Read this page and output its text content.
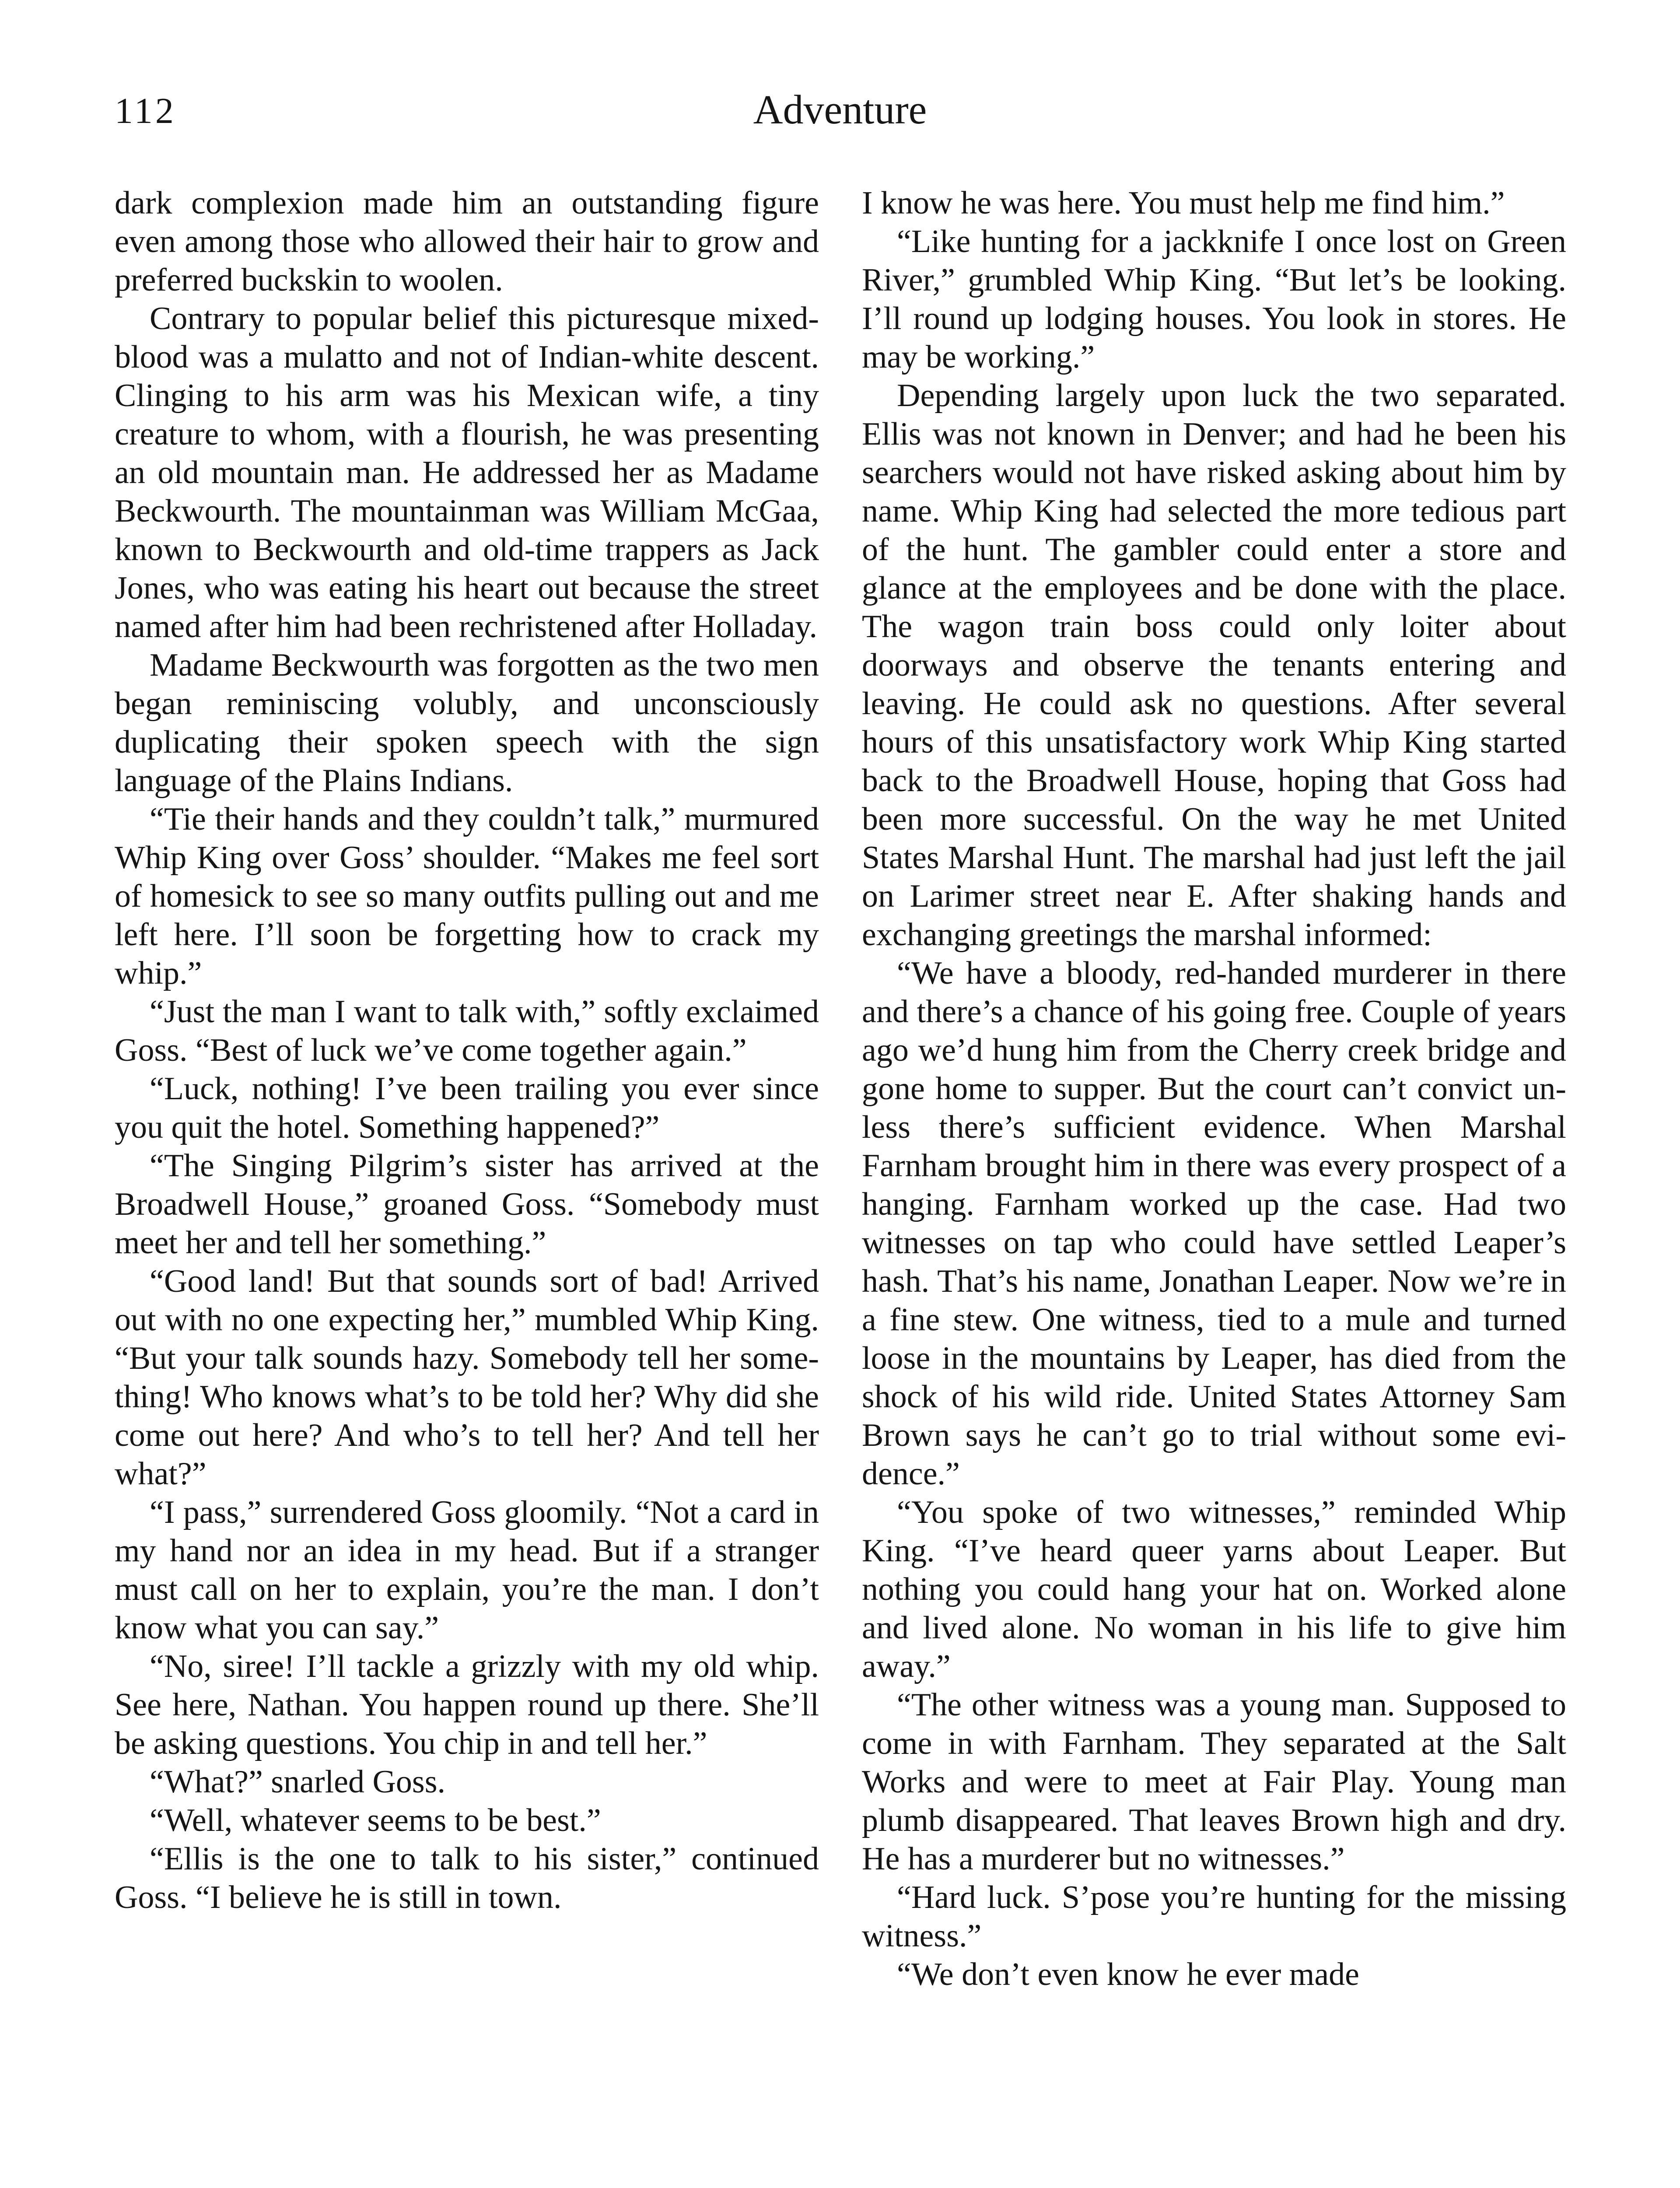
112	Adventure

dark complexion made him an outstanding figure even among those who allowed their hair to grow and preferred buckskin to woolen.

Contrary to popular belief this picturesque mixed-blood was a mulatto and not of Indian-white descent. Clinging to his arm was his Mexican wife, a tiny creature to whom, with a flourish, he was presenting an old mountain man. He addressed her as Madame Beckwourth. The mountainman was William McGaa, known to Beckwourth and old-time trappers as Jack Jones, who was eating his heart out because the street named after him had been rechristened after Holladay.

Madame Beckwourth was forgotten as the two men began reminiscing volubly, and unconsciously duplicating their spoken speech with the sign language of the Plains Indians.

“Tie their hands and they couldn’t talk,” murmured Whip King over Goss’ shoulder. “Makes me feel sort of homesick to see so many outfits pulling out and me left here. I’ll soon be forgetting how to crack my whip.”

“Just the man I want to talk with,” softly exclaimed Goss. “Best of luck we’ve come together again.”

“Luck, nothing! I’ve been trailing you ever since you quit the hotel. Something happened?”

“The Singing Pilgrim’s sister has arrived at the Broadwell House,” groaned Goss. “Somebody must meet her and tell her something.”

“Good land! But that sounds sort of bad! Arrived out with no one expecting her,” mumbled Whip King. “But your talk sounds hazy. Somebody tell her something! Who knows what’s to be told her? Why did she come out here? And who’s to tell her? And tell her what?”

“I pass,” surrendered Goss gloomily. “Not a card in my hand nor an idea in my head. But if a stranger must call on her to explain, you’re the man. I don’t know what you can say.”

“No, siree! I’ll tackle a grizzly with my old whip. See here, Nathan. You happen round up there. She’ll be asking questions. You chip in and tell her.”

“What?” snarled Goss.

“Well, whatever seems to be best.”

“Ellis is the one to talk to his sister,” continued Goss. “I believe he is still in town.

I know he was here. You must help me find him.”

“Like hunting for a jackknife I once lost on Green River,” grumbled Whip King. “But let’s be looking. I’ll round up lodging houses. You look in stores. He may be working.”

Depending largely upon luck the two separated. Ellis was not known in Denver; and had he been his searchers would not have risked asking about him by name. Whip King had selected the more tedious part of the hunt. The gambler could enter a store and glance at the employees and be done with the place. The wagon train boss could only loiter about doorways and observe the tenants entering and leaving. He could ask no questions. After several hours of this unsatisfactory work Whip King started back to the Broadwell House, hoping that Goss had been more successful. On the way he met United States Marshal Hunt. The marshal had just left the jail on Larimer street near E. After shaking hands and exchanging greetings the marshal informed:

“We have a bloody, red-handed murderer in there and there’s a chance of his going free. Couple of years ago we’d hung him from the Cherry creek bridge and gone home to supper. But the court can’t convict unless there’s sufficient evidence. When Marshal Farnham brought him in there was every prospect of a hanging. Farnham worked up the case. Had two witnesses on tap who could have settled Leaper’s hash. That’s his name, Jonathan Leaper. Now we’re in a fine stew. One witness, tied to a mule and turned loose in the mountains by Leaper, has died from the shock of his wild ride. United States Attorney Sam Brown says he can’t go to trial without some evidence.”

“You spoke of two witnesses,” reminded Whip King. “I’ve heard queer yarns about Leaper. But nothing you could hang your hat on. Worked alone and lived alone. No woman in his life to give him away.”

“The other witness was a young man. Supposed to come in with Farnham. They separated at the Salt Works and were to meet at Fair Play. Young man plumb disappeared. That leaves Brown high and dry. He has a murderer but no witnesses.”

“Hard luck. S’pose you’re hunting for the missing witness.”

“We don’t even know he ever made
